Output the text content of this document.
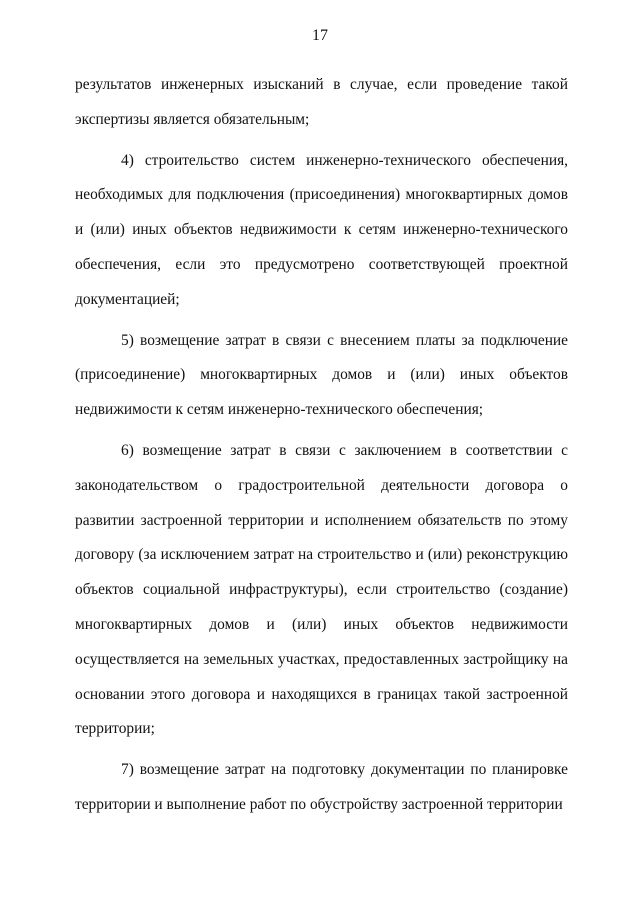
17

результатов инженерных изысканий в случае, если проведение такой экспертизы является обязательным;

4) строительство систем инженерно-технического обеспечения, необходимых для подключения (присоединения) многоквартирных домов и (или) иных объектов недвижимости к сетям инженерно-технического обеспечения, если это предусмотрено соответствующей проектной документацией;

5) возмещение затрат в связи с внесением платы за подключение (присоединение) многоквартирных домов и (или) иных объектов недвижимости к сетям инженерно-технического обеспечения;

6) возмещение затрат в связи с заключением в соответствии с законодательством о градостроительной деятельности договора о развитии застроенной территории и исполнением обязательств по этому договору (за исключением затрат на строительство и (или) реконструкцию объектов социальной инфраструктуры), если строительство (создание) многоквартирных домов и (или) иных объектов недвижимости осуществляется на земельных участках, предоставленных застройщику на основании этого договора и находящихся в границах такой застроенной территории;

7) возмещение затрат на подготовку документации по планировке территории и выполнение работ по обустройству застроенной территории
